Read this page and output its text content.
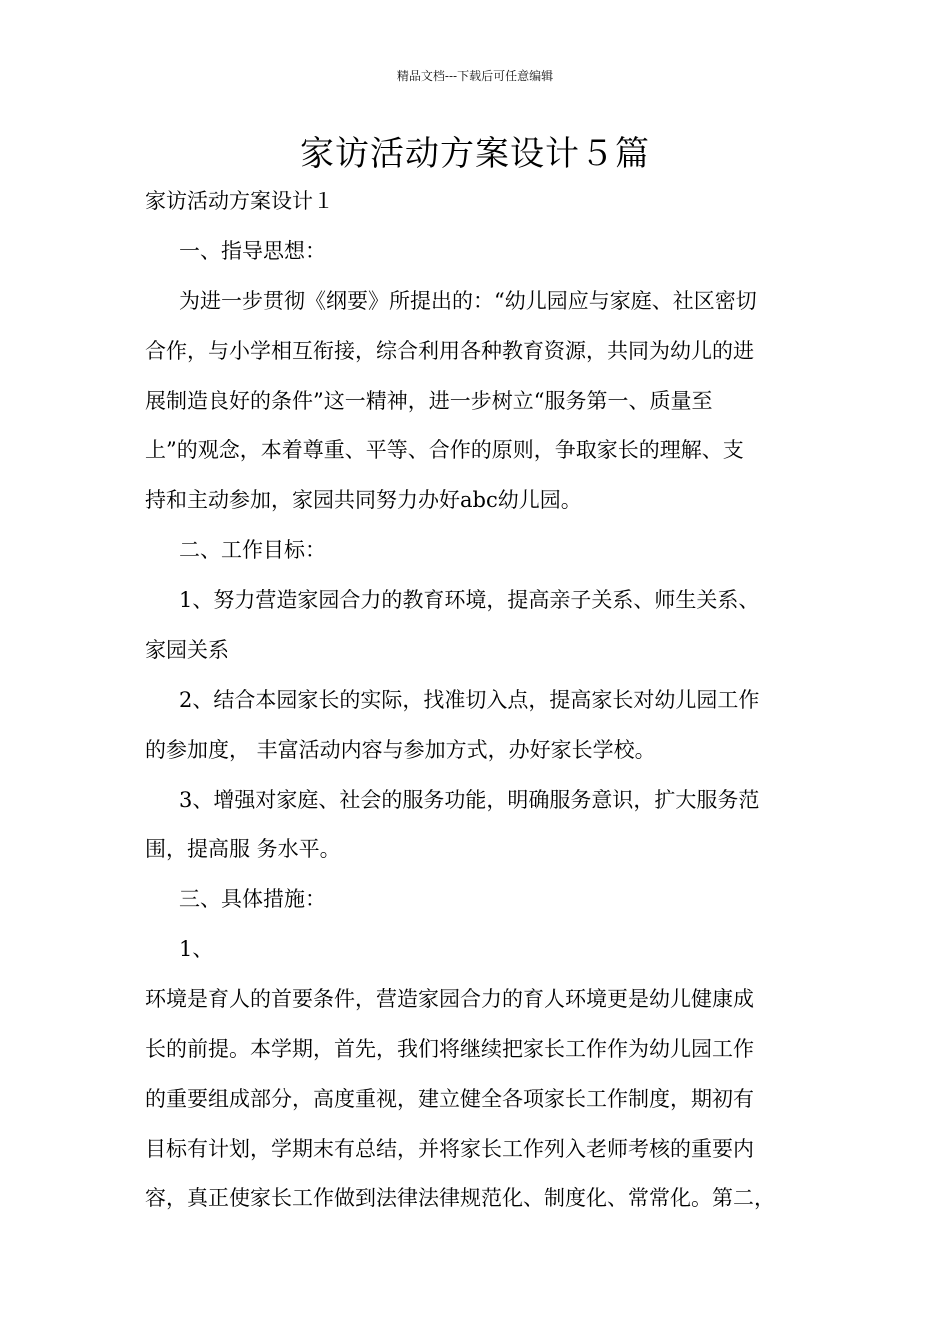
精品文档---下载后可任意编辑
家访活动方案设计５篇
家访活动方案设计１
一、指导思想：
为进一步贯彻《纲要》所提出的：“幼儿园应与家庭、社区密切
合作，与小学相互衔接，综合利用各种教育资源，共同为幼儿的进
展制造良好的条件”这一精神，进一步树立“服务第一、质量至
上”的观念，本着尊重、平等、合作的原则，争取家长的理解、支
持和主动参加，家园共同努力办好abc幼儿园。
二、工作目标：
1、努力营造家园合力的教育环境，提高亲子关系、师生关系、
家园关系
2、结合本园家长的实际，找准切入点，提高家长对幼儿园工作
的参加度， 丰富活动内容与参加方式，办好家长学校。
3、增强对家庭、社会的服务功能，明确服务意识，扩大服务范
围，提高服 务水平。
三、具体措施：
1、
环境是育人的首要条件，营造家园合力的育人环境更是幼儿健康成
长的前提。本学期，首先，我们将继续把家长工作作为幼儿园工作
的重要组成部分，高度重视，建立健全各项家长工作制度，期初有
目标有计划，学期末有总结，并将家长工作列入老师考核的重要内
容，真正使家长工作做到法律法律规范化、制度化、常常化。第二，
